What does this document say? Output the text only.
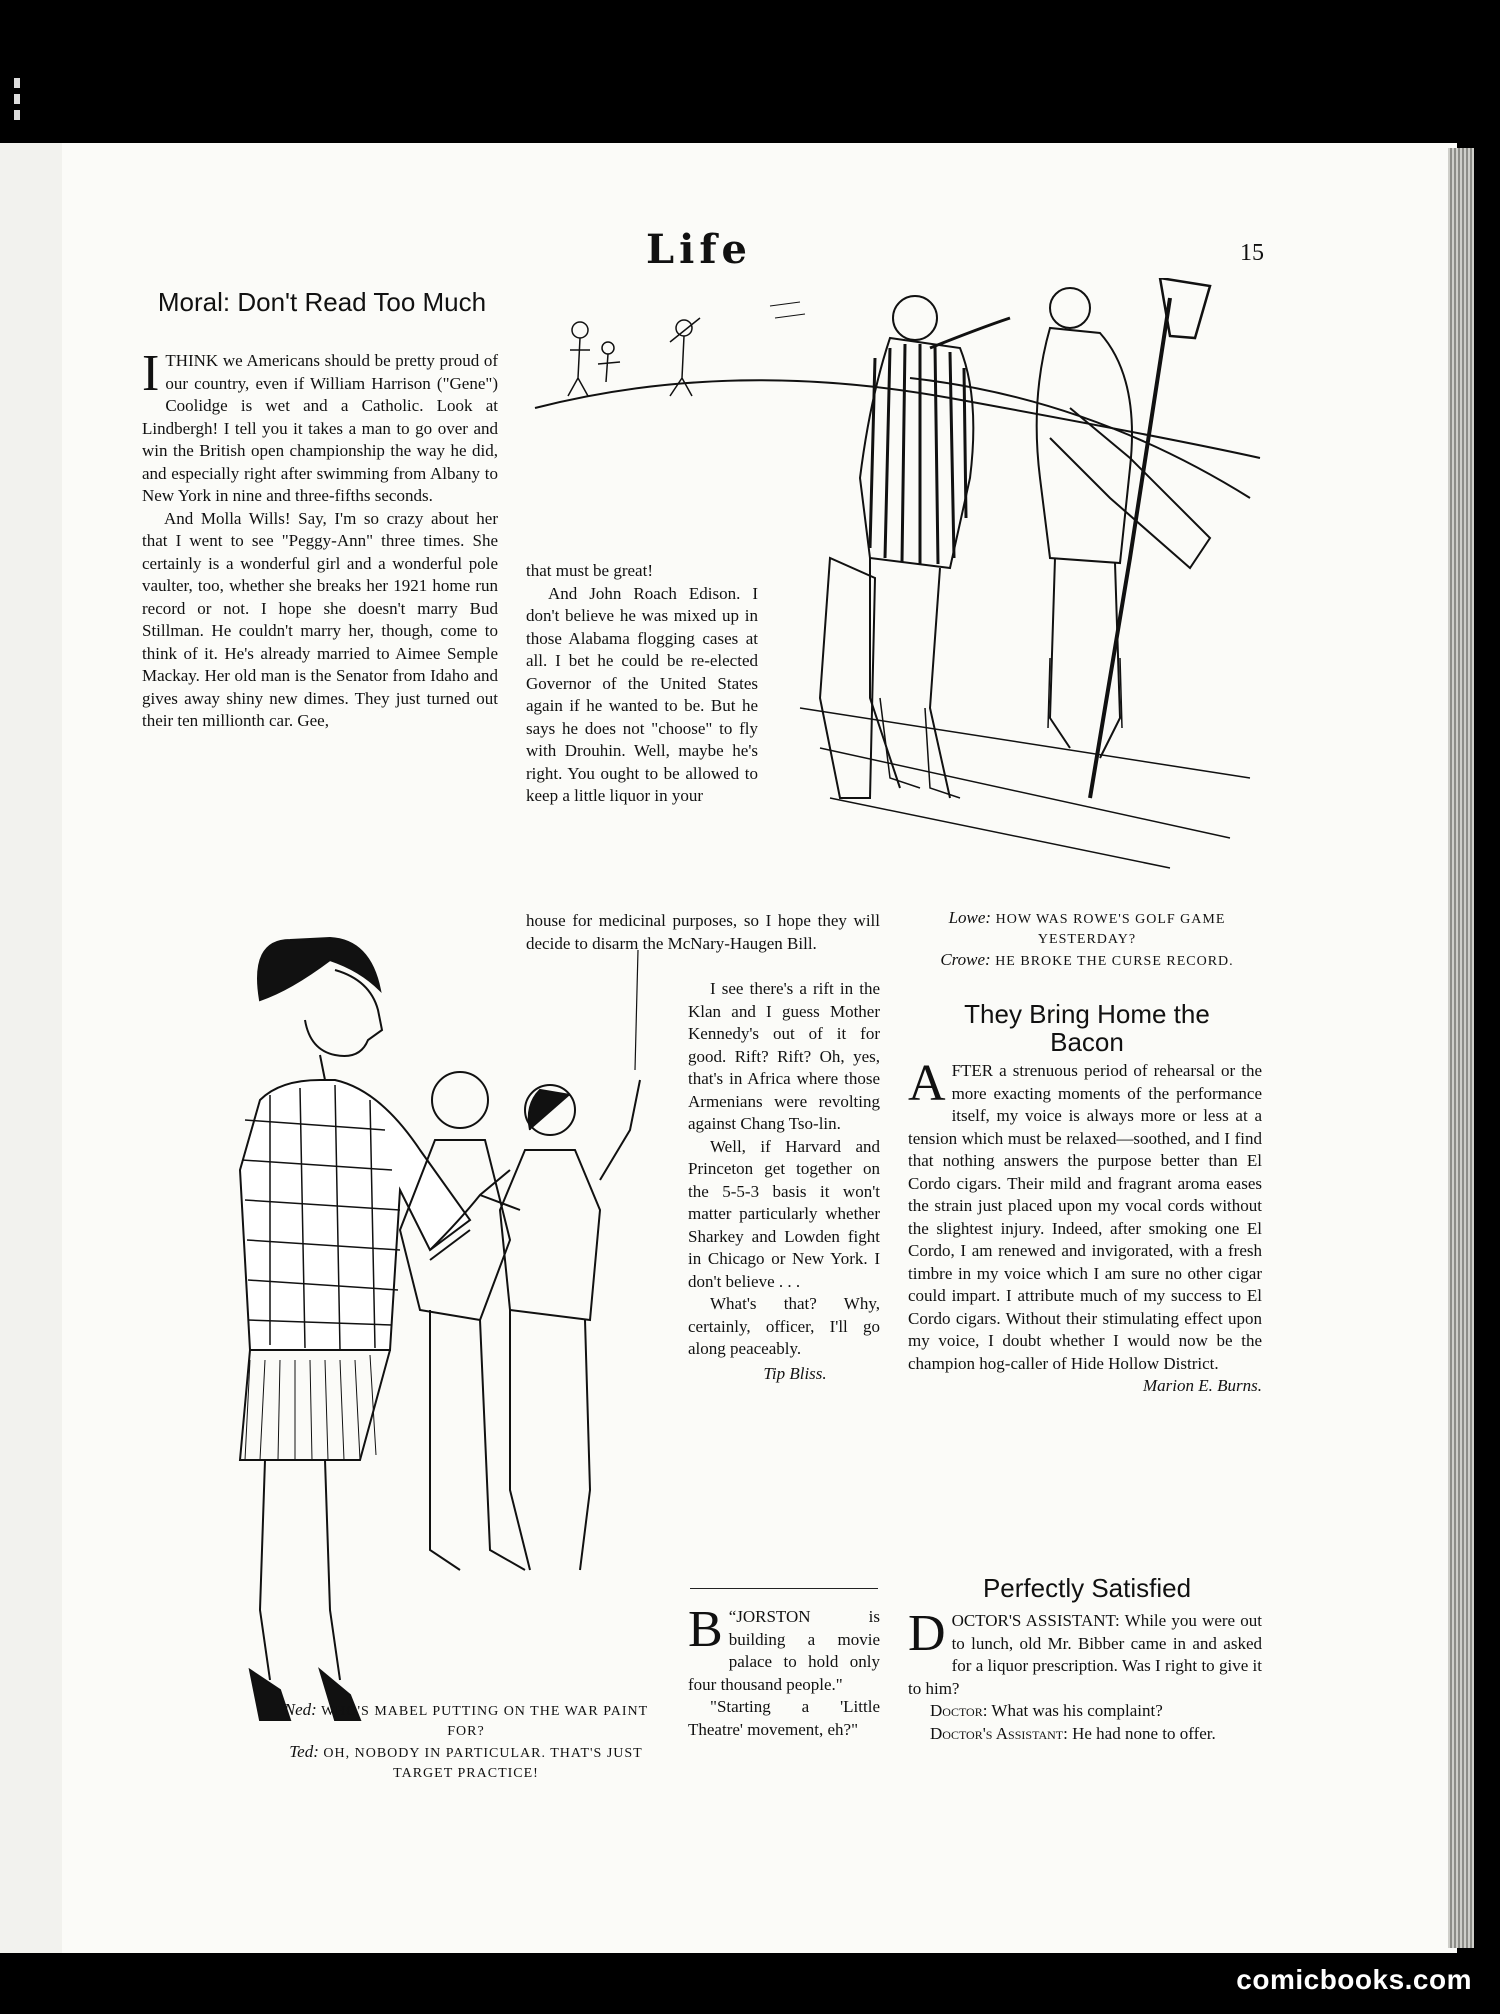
Life	15
Moral: Don't Read Too Much

ITHINK we Americans should be pretty proud of our country, even if William Harrison ("Gene") Coolidge is wet and a Catholic. Look at Lindbergh! I tell you it takes a man to go over and win the British open championship the way he did, and especially right after swimming from Albany to New York in nine and three-fifths seconds.

And Molla Wills! Say, I'm so crazy about her that I went to see "Peggy-Ann" three times. She certainly is a wonderful girl and a wonderful pole vaulter, too, whether she breaks her 1921 home run record or not. I hope she doesn't marry Bud Stillman. He couldn't marry her, though, come to think of it. He's already married to Aimee Semple Mackay. Her old man is the Senator from Idaho and gives away shiny new dimes. They just turned out their ten millionth car. Gee,

that must be great!

And John Roach Edison. I don't believe he was mixed up in those Alabama flogging cases at all. I bet he could be re-elected Governor of the United States again if he wanted to be. But he says he does not "choose" to fly with Drouhin. Well, maybe he's right. You ought to be allowed to keep a little liquor in your

house for medicinal purposes, so I hope they will decide to disarm the McNary-Haugen Bill.

I see there's a rift in the Klan and I guess Mother Kennedy's out of it for good. Rift? Rift? Oh, yes, that's in Africa where those Armenians were revolting against Chang Tso-lin.

Well, if Harvard and Princeton get together on the 5-5-3 basis it won't matter particularly whether Sharkey and Lowden fight in Chicago or New York. I don't believe . . .

What's that? Why, certainly, officer, I'll go along peaceably.

Tip Bliss.

“
B JORSTON is building a movie palace to hold only four thousand people."

"Starting a 'Little Theatre' movement, eh?"

Lowe: HOW WAS ROWE'S GOLF GAME YESTERDAY?
Crowe: HE BROKE THE CURSE RECORD.
They Bring Home the Bacon

AFTER a strenuous period of rehearsal or the more exacting moments of the performance itself, my voice is always more or less at a tension which must be relaxed—soothed, and I find that nothing answers the purpose better than El Cordo cigars. Their mild and fragrant aroma eases the strain just placed upon my vocal cords without the slightest injury. Indeed, after smoking one El Cordo, I am renewed and invigorated, with a fresh timbre in my voice which I am sure no other cigar could impart. I attribute much of my success to El Cordo cigars. Without their stimulating effect upon my voice, I doubt whether I would now be the champion hog-caller of Hide Hollow District.
Marion E. Burns.

Perfectly Satisfied

DOCTOR'S ASSISTANT: While you were out to lunch, old Mr. Bibber came in and asked for a liquor prescription. Was I right to give it to him?

Doctor: What was his complaint?

Doctor's Assistant: He had none to offer.

Ned: WHO'S MABEL PUTTING ON THE WAR PAINT FOR?
Ted: OH, NOBODY IN PARTICULAR. THAT'S JUST TARGET PRACTICE!
comicbooks.com
